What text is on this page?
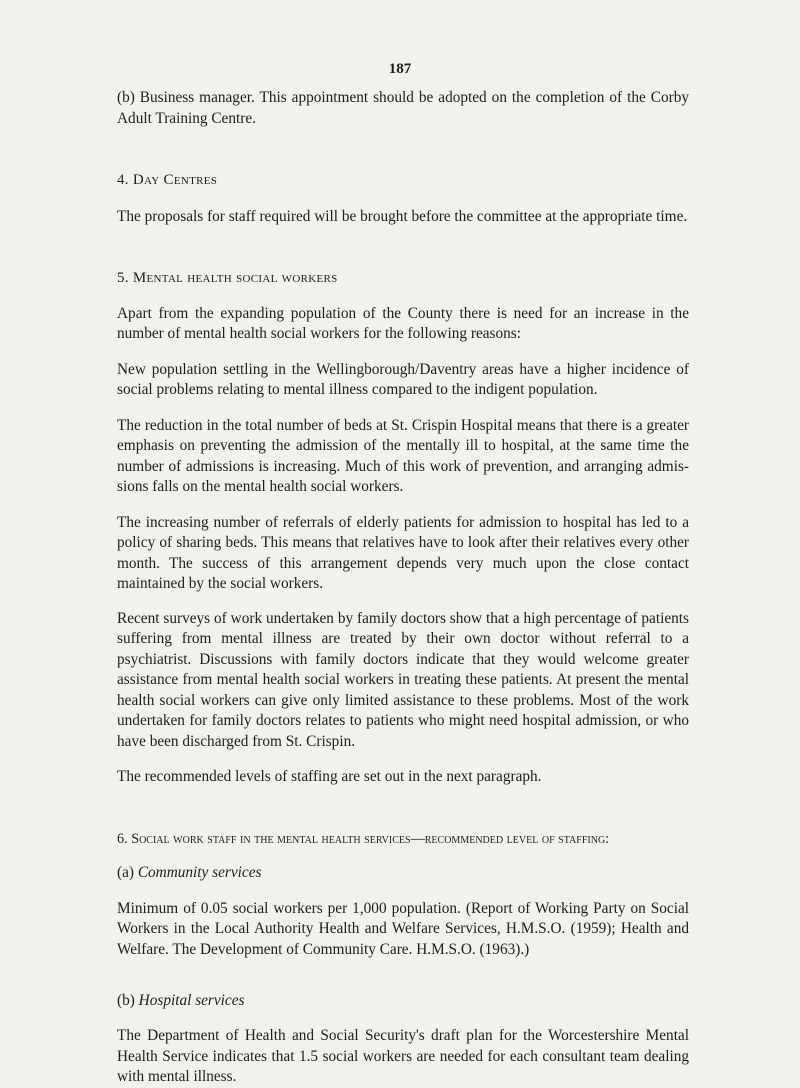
187

(b) Business manager. This appointment should be adopted on the completion of the Corby Adult Training Centre.

4. Day Centres

The proposals for staff required will be brought before the committee at the appropriate time.

5. Mental health social workers

Apart from the expanding population of the County there is need for an increase in the number of mental health social workers for the following reasons:

New population settling in the Wellingborough/Daventry areas have a higher incidence of social problems relating to mental illness compared to the indigent population.

The reduction in the total number of beds at St. Crispin Hospital means that there is a greater emphasis on preventing the admission of the mentally ill to hospital, at the same time the number of admissions is increasing. Much of this work of prevention, and arranging admis-sions falls on the mental health social workers.

The increasing number of referrals of elderly patients for admission to hospital has led to a policy of sharing beds. This means that relatives have to look after their relatives every other month. The success of this arrangement depends very much upon the close contact maintained by the social workers.

Recent surveys of work undertaken by family doctors show that a high percentage of patients suffering from mental illness are treated by their own doctor without referral to a psychiatrist. Discussions with family doctors indicate that they would welcome greater assistance from mental health social workers in treating these patients. At present the mental health social workers can give only limited assistance to these problems. Most of the work undertaken for family doctors relates to patients who might need hospital admission, or who have been discharged from St. Crispin.

The recommended levels of staffing are set out in the next paragraph.

6. Social work staff in the mental health services—recommended level of staffing:
(a) Community services

Minimum of 0.05 social workers per 1,000 population. (Report of Working Party on Social Workers in the Local Authority Health and Welfare Services, H.M.S.O. (1959); Health and Welfare. The Development of Community Care. H.M.S.O. (1963).)

(b) Hospital services

The Department of Health and Social Security's draft plan for the Worcestershire Mental Health Service indicates that 1.5 social workers are needed for each consultant team dealing with mental illness.
